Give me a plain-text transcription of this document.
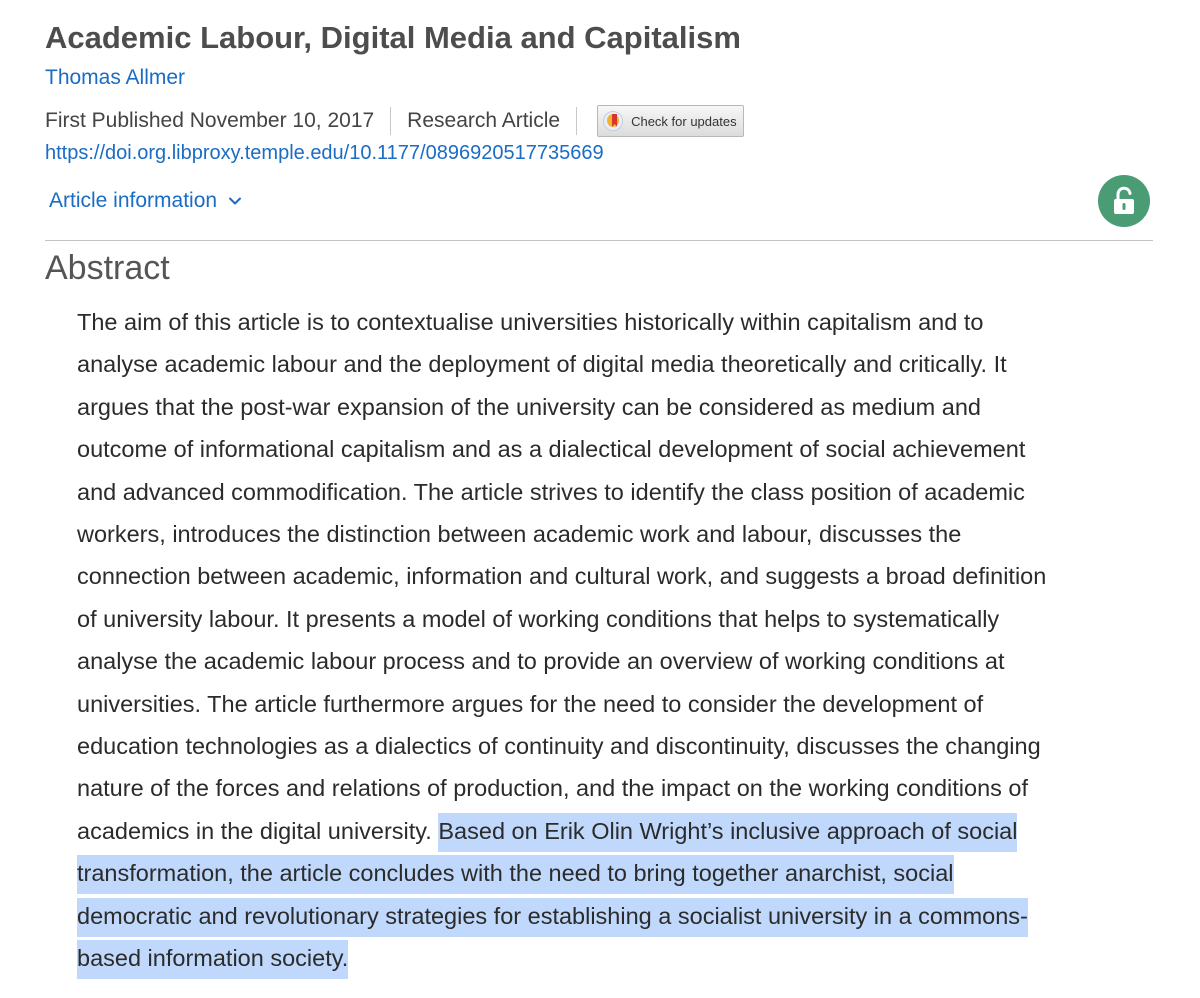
Academic Labour, Digital Media and Capitalism
Thomas Allmer
First Published November 10, 2017 Research Article	Check for updates
https://doi.org.libproxy.temple.edu/10.1177/0896920517735669
Article information
Abstract

The aim of this article is to contextualise universities historically within capitalism and to
analyse academic labour and the deployment of digital media theoretically and critically. It
argues that the post-war expansion of the university can be considered as medium and
outcome of informational capitalism and as a dialectical development of social achievement
and advanced commodification. The article strives to identify the class position of academic
workers, introduces the distinction between academic work and labour, discusses the
connection between academic, information and cultural work, and suggests a broad definition
of university labour. It presents a model of working conditions that helps to systematically
analyse the academic labour process and to provide an overview of working conditions at
universities. The article furthermore argues for the need to consider the development of
education technologies as a dialectics of continuity and discontinuity, discusses the changing
nature of the forces and relations of production, and the impact on the working conditions of
academics in the digital university. Based on Erik Olin Wright’s inclusive approach of social
transformation, the article concludes with the need to bring together anarchist, social
democratic and revolutionary strategies for establishing a socialist university in a commons-
based information society.
